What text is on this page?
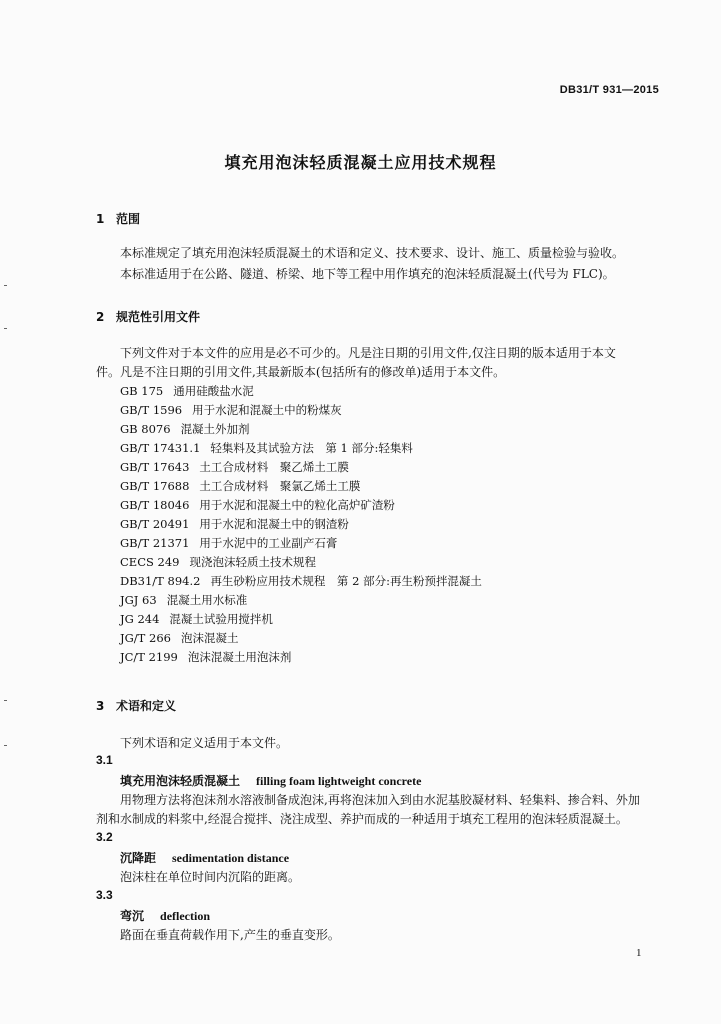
DB31/T 931—2015
填充用泡沫轻质混凝土应用技术规程
1 范围
本标准规定了填充用泡沫轻质混凝土的术语和定义、技术要求、设计、施工、质量检验与验收。
本标准适用于在公路、隧道、桥梁、地下等工程中用作填充的泡沫轻质混凝土(代号为 FLC)。
2 规范性引用文件
下列文件对于本文件的应用是必不可少的。凡是注日期的引用文件,仅注日期的版本适用于本文
件。凡是不注日期的引用文件,其最新版本(包括所有的修改单)适用于本文件。
GB 175 通用硅酸盐水泥
GB/T 1596 用于水泥和混凝土中的粉煤灰
GB 8076 混凝土外加剂
GB/T 17431.1 轻集料及其试验方法　第 1 部分:轻集料
GB/T 17643 土工合成材料　聚乙烯土工膜
GB/T 17688 土工合成材料　聚氯乙烯土工膜
GB/T 18046 用于水泥和混凝土中的粒化高炉矿渣粉
GB/T 20491 用于水泥和混凝土中的钢渣粉
GB/T 21371 用于水泥中的工业副产石膏
CECS 249 现浇泡沫轻质土技术规程
DB31/T 894.2 再生砂粉应用技术规程　第 2 部分:再生粉预拌混凝土
JGJ 63 混凝土用水标准
JG 244 混凝土试验用搅拌机
JG/T 266 泡沫混凝土
JC/T 2199 泡沫混凝土用泡沫剂
3 术语和定义
下列术语和定义适用于本文件。
3.1
填充用泡沫轻质混凝土 filling foam lightweight concrete
用物理方法将泡沫剂水溶液制备成泡沫,再将泡沫加入到由水泥基胶凝材料、轻集料、掺合料、外加
剂和水制成的料浆中,经混合搅拌、浇注成型、养护而成的一种适用于填充工程用的泡沫轻质混凝土。
3.2
沉降距 sedimentation distance
泡沫柱在单位时间内沉陷的距离。
3.3
弯沉 deflection
路面在垂直荷载作用下,产生的垂直变形。
1
